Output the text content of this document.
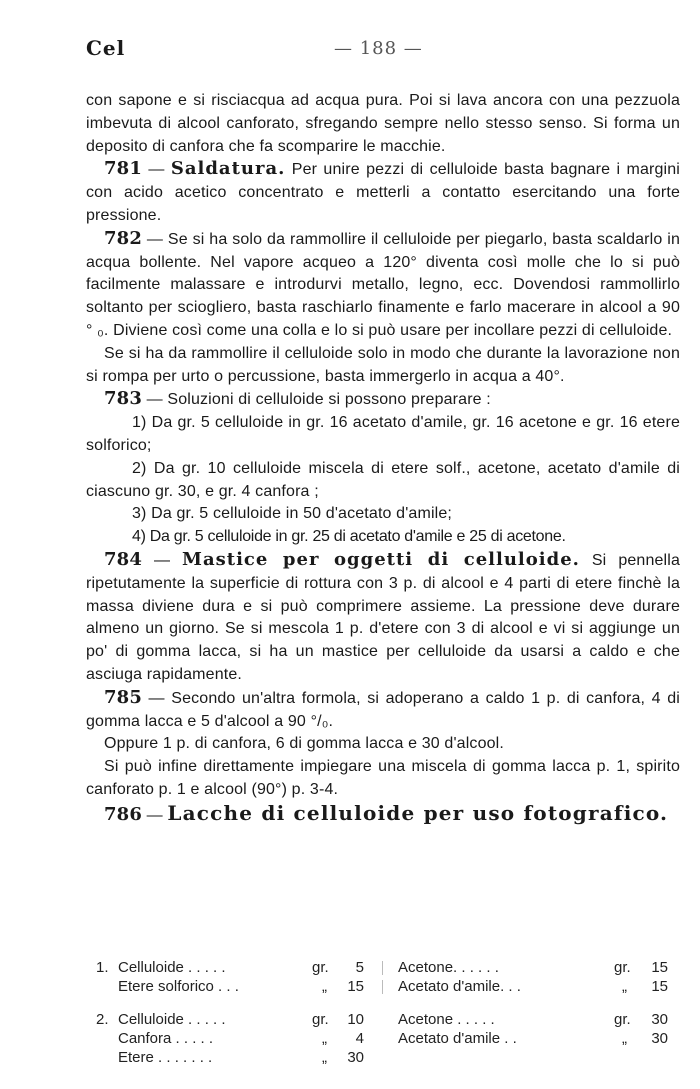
Cel	— 188 —

con sapone e si risciacqua ad acqua pura. Poi si lava ancora con una pezzuola imbevuta di alcool canforato, sfregando sempre nello stesso senso. Si forma un deposito di canfora che fa scomparire le macchie.

781 — Saldatura. Per unire pezzi di celluloide basta bagnare i margini con acido acetico concentrato e metterli a contatto esercitando una forte pressione.

782 — Se si ha solo da rammollire il celluloide per piegarlo, basta scaldarlo in acqua bollente. Nel vapore acqueo a 120° diventa così molle che lo si può facilmente malassare e introdurvi metallo, legno, ecc. Dovendosi rammollirlo soltanto per sciogliero, basta raschiarlo finamente e farlo macerare in alcool a 90 ° ₀. Diviene così come una colla e lo si può usare per incollare pezzi di celluloide.

Se si ha da rammollire il celluloide solo in modo che durante la lavorazione non si rompa per urto o percussione, basta immergerlo in acqua a 40°.

783 — Soluzioni di celluloide si possono preparare :

1) Da gr. 5 celluloide in gr. 16 acetato d'amile, gr. 16 acetone e gr. 16 etere solforico;

2) Da gr. 10 celluloide miscela di etere solf., acetone, acetato d'amile di ciascuno gr. 30, e gr. 4 canfora ;

3) Da gr. 5 celluloide in 50 d'acetato d'amile;

4) Da gr. 5 celluloide in gr. 25 di acetato d'amile e 25 di acetone.

784 — Mastice per oggetti di celluloide. Si pennella ripetutamente la superficie di rottura con 3 p. di alcool e 4 parti di etere finchè la massa diviene dura e si può comprimere assieme. La pressione deve durare almeno un giorno. Se si mescola 1 p. d'etere con 3 di alcool e vi si aggiunge un po' di gomma lacca, si ha un mastice per celluloide da usarsi a caldo e che asciuga rapidamente.

785 — Secondo un'altra formola, si adoperano a caldo 1 p. di canfora, 4 di gomma lacca e 5 d'alcool a 90 °/₀.

Oppure 1 p. di canfora, 6 di gomma lacca e 30 d'alcool.

Si può infine direttamente impiegare una miscela di gomma lacca p. 1, spirito canforato p. 1 e alcool (90°) p. 3-4.

786 — Lacche di celluloide per uso fotografico.

1. Celluloide . . . . .	gr.	5 Acetone. . . . . .	gr.	15
Etere solforico . . .	„	15 Acetato d'amile. . .	„	15
2. Celluloide . . . . .	gr.	10 Acetone . . . . .	gr.	30
Canfora . . . . .	„	4 Acetato d'amile . .	„	30
Etere . . . . . . .	„	30
